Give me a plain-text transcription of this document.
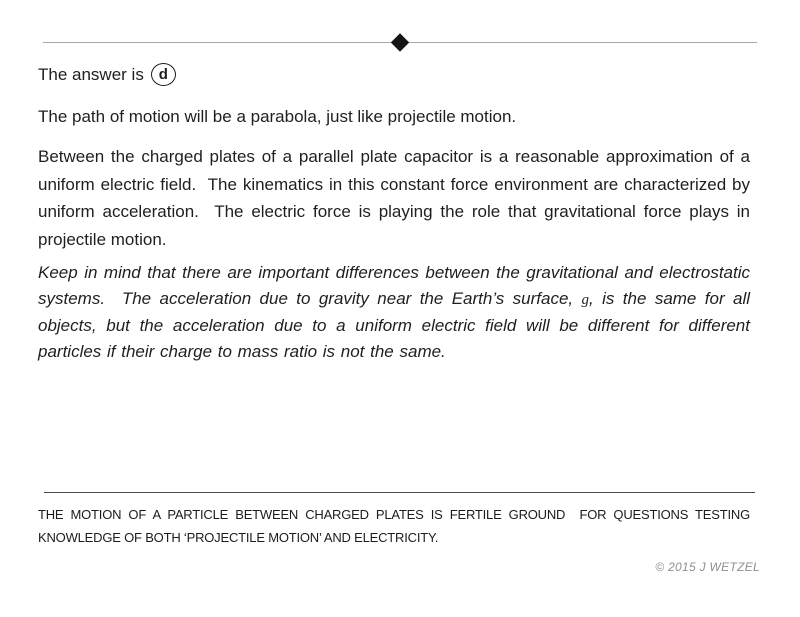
The answer is d

The path of motion will be a parabola, just like projectile motion.

Between the charged plates of a parallel plate capacitor is a reasonable approximation of a uniform electric field.  The kinematics in this constant force environment are characterized by uniform acceleration.  The electric force is playing the role that gravitational force plays in projectile motion.

Keep in mind that there are important differences between the gravitational and electrostatic systems.  The acceleration due to gravity near the Earth’s surface, g, is the same for all objects, but the acceleration due to a uniform electric field will be different for different particles if their charge to mass ratio is not the same.

THE MOTION OF A PARTICLE BETWEEN CHARGED PLATES IS FERTILE GROUND  FOR QUESTIONS TESTING KNOWLEDGE OF BOTH ‘PROJECTILE MOTION’ AND ELECTRICITY.

© 2015 J WETZEL
